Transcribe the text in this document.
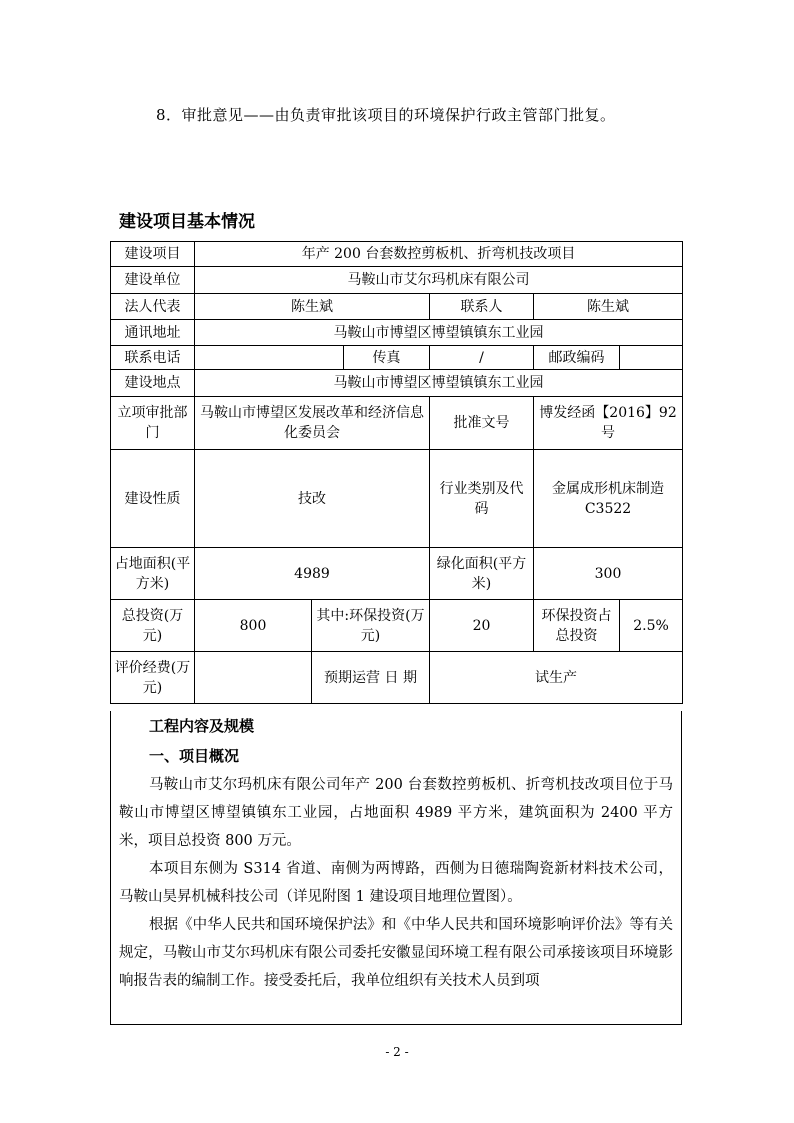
8．审批意见——由负责审批该项目的环境保护行政主管部门批复。
建设项目基本情况
建设项目	年产 200 台套数控剪板机、折弯机技改项目					
建设单位	马鞍山市艾尔玛机床有限公司					
法人代表	陈生斌			联系人	陈生斌	
通讯地址	马鞍山市博望区博望镇镇东工业园					
联系电话			传真	/	邮政编码	
建设地点	马鞍山市博望区博望镇镇东工业园					
立项审批部门	马鞍山市博望区发展改革和经济信息化委员会			批准文号	博发经函【2016】92号	
建设性质	技改			行业类别及代码	金属成形机床制造 C3522	
占地面积(平方米)	4989			绿化面积(平方米)	300	
总投资(万元)	800	其中:环保投资(万元)		20	环保投资占总投资	2.5%
评价经费(万元)		预期运营 日 期		试生产		
工程内容及规模
一、项目概况

马鞍山市艾尔玛机床有限公司年产 200 台套数控剪板机、折弯机技改项目位于马鞍山市博望区博望镇镇东工业园，占地面积 4989 平方米，建筑面积为 2400 平方米，项目总投资 800 万元。

本项目东侧为 S314 省道、南侧为两博路，西侧为日德瑞陶瓷新材料技术公司，马鞍山昊昇机械科技公司（详见附图 1 建设项目地理位置图）。

根据《中华人民共和国环境保护法》和《中华人民共和国环境影响评价法》等有关规定，马鞍山市艾尔玛机床有限公司委托安徽显闰环境工程有限公司承接该项目环境影响报告表的编制工作。接受委托后，我单位组织有关技术人员到项

- 2 -
